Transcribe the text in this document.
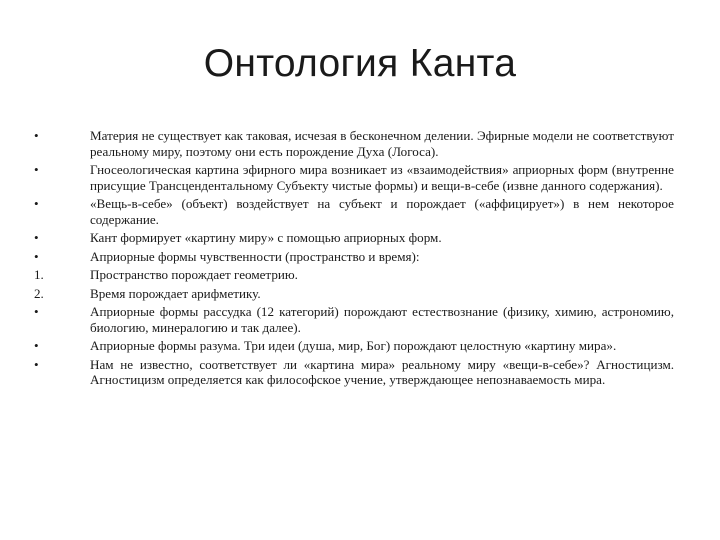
Онтология Канта
•	Материя не существует как таковая, исчезая в бесконечном делении. Эфирные модели не соответствуют реальному миру, поэтому они есть порождение Духа (Логоса).

•	Гносеологическая картина эфирного мира возникает из «взаимодействия» априорных форм (внутренне присущие Трансцендентальному Субъекту чистые формы) и вещи-в-себе (извне данного содержания).

•	«Вещь-в-себе» (объект) воздействует на субъект и порождает («аффицирует») в нем некоторое содержание.

•	Кант формирует «картину миру» с помощью априорных форм.

•	Априорные формы чувственности (пространство и время):

1.	Пространство порождает геометрию.

2.	Время порождает арифметику.

•	Априорные формы рассудка (12 категорий) порождают естествознание (физику, химию, астрономию, биологию, минералогию и так далее).

•	Априорные формы разума. Три идеи (душа, мир, Бог) порождают целостную «картину мира».

•	Нам не известно, соответствует ли «картина мира» реальному миру «вещи-в-себе»? Агностицизм. Агностицизм определяется как философское учение, утверждающее непознаваемость мира.
